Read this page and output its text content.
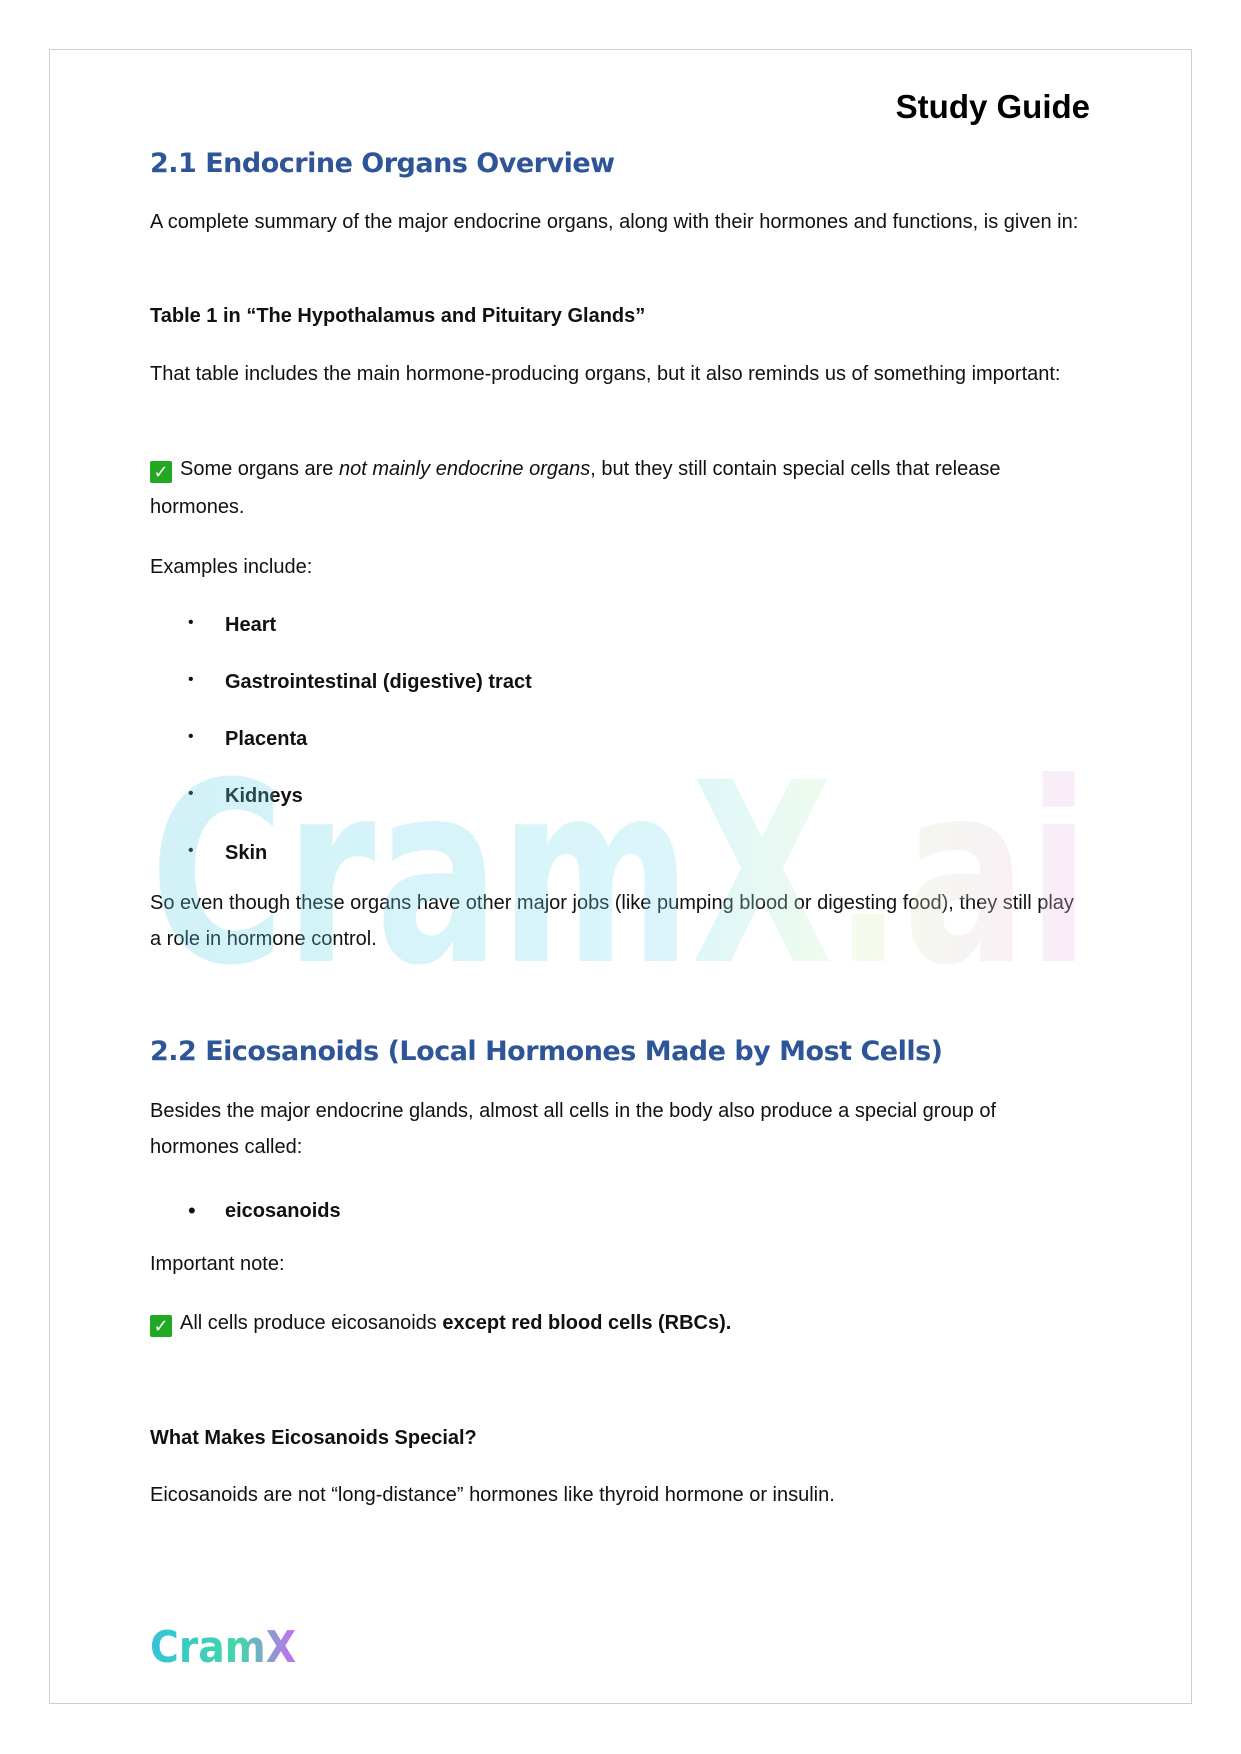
Study Guide
2.1 Endocrine Organs Overview
A complete summary of the major endocrine organs, along with their hormones and functions, is given in:
Table 1 in “The Hypothalamus and Pituitary Glands”
That table includes the main hormone-producing organs, but it also reminds us of something important:
✓ Some organs are not mainly endocrine organs, but they still contain special cells that release hormones.
Examples include:
• Heart
• Gastrointestinal (digestive) tract
• Placenta
• Kidneys
• Skin
So even though these organs have other major jobs (like pumping blood or digesting food), they still play a role in hormone control.
2.2 Eicosanoids (Local Hormones Made by Most Cells)
Besides the major endocrine glands, almost all cells in the body also produce a special group of hormones called:
• eicosanoids
Important note:
✓ All cells produce eicosanoids except red blood cells (RBCs).
What Makes Eicosanoids Special?
Eicosanoids are not “long-distance” hormones like thyroid hormone or insulin.
CramX.ai
CramX
